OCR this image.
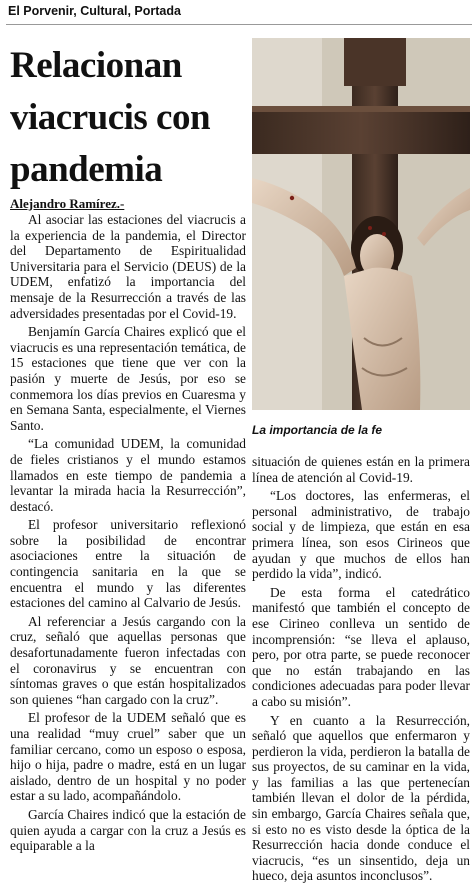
El Porvenir, Cultural, Portada
Relacionan viacrucis con pandemia
Alejandro Ramírez.-

Al asociar las estaciones del viacrucis a la experiencia de la pandemia, el Director del Departamento de Espiritualidad Universitaria para el Servicio (DEUS) de la UDEM, enfatizó la importancia del mensaje de la Resurrección a través de las adversidades presentadas por el Covid-19.

Benjamín García Chaires explicó que el viacrucis es una representación temática, de 15 estaciones que tiene que ver con la pasión y muerte de Jesús, por eso se conmemora los días previos en Cuaresma y en Semana Santa, especialmente, el Viernes Santo.

“La comunidad UDEM, la comunidad de fieles cristianos y el mundo estamos llamados en este tiempo de pandemia a levantar la mirada hacia la Resurrección”, destacó.

El profesor universitario reflexionó sobre la posibilidad de encontrar asociaciones entre la situación de contingencia sanitaria en la que se encuentra el mundo y las diferentes estaciones del camino al Calvario de Jesús.

Al referenciar a Jesús cargando con la cruz, señaló que aquellas personas que desafortunadamente fueron infectadas con el coronavirus y se encuentran con síntomas graves o que están hospitalizados son quienes “han cargado con la cruz”.

El profesor de la UDEM señaló que es una realidad “muy cruel” saber que un familiar cercano, como un esposo o esposa, hijo o hija, padre o madre, está en un lugar aislado, dentro de un hospital y no poder estar a su lado, acompañándolo.

García Chaires indicó que la estación de quien ayuda a cargar con la cruz a Jesús es equiparable a la

La importancia de la fe

situación de quienes están en la primera línea de atención al Covid-19.

“Los doctores, las enfermeras, el personal administrativo, de trabajo social y de limpieza, que están en esa primera línea, son esos Cirineos que ayudan y que muchos de ellos han perdido la vida”, indicó.

De esta forma el catedrático manifestó que también el concepto de ese Cirineo conlleva un sentido de incomprensión: “se lleva el aplauso, pero, por otra parte, se puede reconocer que no están trabajando en las condiciones adecuadas para poder llevar a cabo su misión”.

Y en cuanto a la Resurrección, señaló que aquellos que enfermaron y perdieron la vida, perdieron la batalla de sus proyectos, de su caminar en la vida, y las familias a las que pertenecían también llevan el dolor de la pérdida, sin embargo, García Chaires señala que, si esto no es visto desde la óptica de la Resurrección hacia donde conduce el viacrucis, “es un sinsentido, deja un hueco, deja asuntos inconclusos”.
